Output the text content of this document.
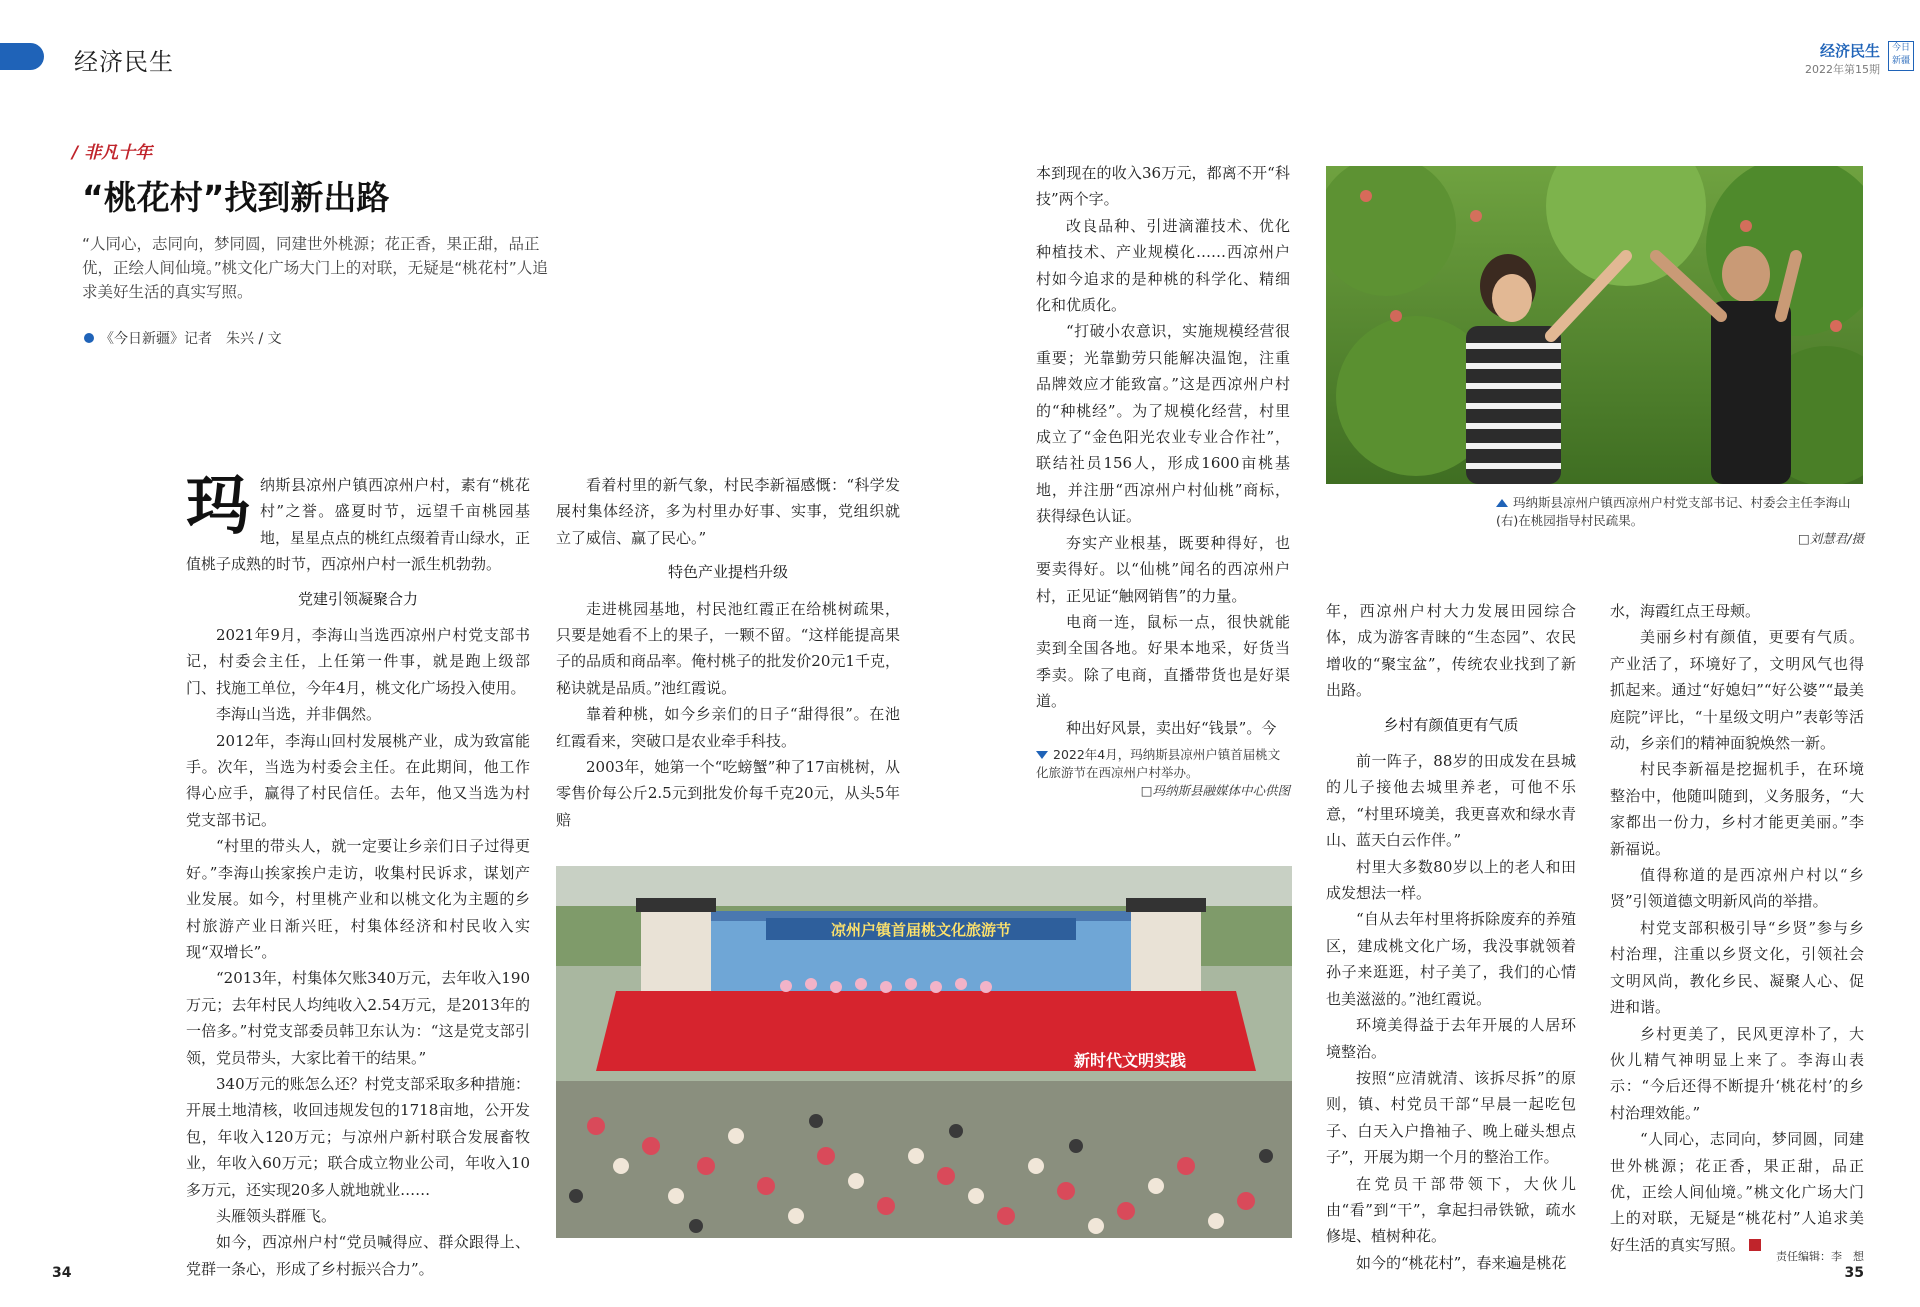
经济民生	经济民生
2022年第15期
今日
新疆
/ 非凡十年
“桃花村”找到新出路
“人同心，志同向，梦同圆，同建世外桃源；花正香，果正甜，品正优，正绘人间仙境。”桃文化广场大门上的对联，无疑是“桃花村”人追求美好生活的真实写照。
《今日新疆》记者　朱兴 / 文

玛纳斯县凉州户镇西凉州户村，素有“桃花村”之誉。盛夏时节，远望千亩桃园基地，星星点点的桃红点缀着青山绿水，正值桃子成熟的时节，西凉州户村一派生机勃勃。

党建引领凝聚合力

2021年9月，李海山当选西凉州户村党支部书记，村委会主任，上任第一件事，就是跑上级部门、找施工单位，今年4月，桃文化广场投入使用。

李海山当选，并非偶然。

2012年，李海山回村发展桃产业，成为致富能手。次年，当选为村委会主任。在此期间，他工作得心应手，赢得了村民信任。去年，他又当选为村党支部书记。

“村里的带头人，就一定要让乡亲们日子过得更好。”李海山挨家挨户走访，收集村民诉求，谋划产业发展。如今，村里桃产业和以桃文化为主题的乡村旅游产业日渐兴旺，村集体经济和村民收入实现“双增长”。

“2013年，村集体欠账340万元，去年收入190万元；去年村民人均纯收入2.54万元，是2013年的一倍多。”村党支部委员韩卫东认为：“这是党支部引领，党员带头，大家比着干的结果。”

340万元的账怎么还？村党支部采取多种措施：开展土地清核，收回违规发包的1718亩地，公开发包，年收入120万元；与凉州户新村联合发展畜牧业，年收入60万元；联合成立物业公司，年收入10多万元，还实现20多人就地就业……

头雁领头群雁飞。

如今，西凉州户村“党员喊得应、群众跟得上、党群一条心，形成了乡村振兴合力”。

看着村里的新气象，村民李新福感慨：“科学发展村集体经济，多为村里办好事、实事，党组织就立了威信、赢了民心。”

特色产业提档升级

走进桃园基地，村民池红霞正在给桃树疏果，只要是她看不上的果子，一颗不留。“这样能提高果子的品质和商品率。俺村桃子的批发价20元1千克，秘诀就是品质。”池红霞说。

靠着种桃，如今乡亲们的日子“甜得很”。在池红霞看来，突破口是农业牵手科技。

2003年，她第一个“吃螃蟹”种了17亩桃树，从零售价每公斤2.5元到批发价每千克20元，从头5年赔

本到现在的收入36万元，都离不开“科技”两个字。

改良品种、引进滴灌技术、优化种植技术、产业规模化……西凉州户村如今追求的是种桃的科学化、精细化和优质化。

“打破小农意识，实施规模经营很重要；光靠勤劳只能解决温饱，注重品牌效应才能致富。”这是西凉州户村的“种桃经”。为了规模化经营，村里成立了“金色阳光农业专业合作社”，联结社员156人，形成1600亩桃基地，并注册“西凉州户村仙桃”商标，获得绿色认证。

夯实产业根基，既要种得好，也要卖得好。以“仙桃”闻名的西凉州户村，正见证“触网销售”的力量。

电商一连，鼠标一点，很快就能卖到全国各地。好果本地采，好货当季卖。除了电商，直播带货也是好渠道。

种出好风景，卖出好“钱景”。今

2022年4月，玛纳斯县凉州户镇首届桃文化旅游节在西凉州户村举办。
□玛纳斯县融媒体中心供图
玛纳斯县凉州户镇西凉州户村党支部书记、村委会主任李海山(右)在桃园指导村民疏果。
□刘慧君/摄

年，西凉州户村大力发展田园综合体，成为游客青睐的“生态园”、农民增收的“聚宝盆”，传统农业找到了新出路。

乡村有颜值更有气质

前一阵子，88岁的田成发在县城的儿子接他去城里养老，可他不乐意，“村里环境美，我更喜欢和绿水青山、蓝天白云作伴。”

村里大多数80岁以上的老人和田成发想法一样。

“自从去年村里将拆除废弃的养殖区，建成桃文化广场，我没事就领着孙子来逛逛，村子美了，我们的心情也美滋滋的。”池红霞说。

环境美得益于去年开展的人居环境整治。

按照“应清就清、该拆尽拆”的原则，镇、村党员干部“早晨一起吃包子、白天入户撸袖子、晚上碰头想点子”，开展为期一个月的整治工作。

在党员干部带领下，大伙儿由“看”到“干”，拿起扫帚铁锨，疏水修堤、植树种花。

如今的“桃花村”，春来遍是桃花

水，海霞红点王母颊。

美丽乡村有颜值，更要有气质。产业活了，环境好了，文明风气也得抓起来。通过“好媳妇”“好公婆”“最美庭院”评比，“十星级文明户”表彰等活动，乡亲们的精神面貌焕然一新。

村民李新福是挖掘机手，在环境整治中，他随叫随到，义务服务，“大家都出一份力，乡村才能更美丽。”李新福说。

值得称道的是西凉州户村以“乡贤”引领道德文明新风尚的举措。

村党支部积极引导“乡贤”参与乡村治理，注重以乡贤文化，引领社会文明风尚，教化乡民、凝聚人心、促进和谐。

乡村更美了，民风更淳朴了，大伙儿精气神明显上来了。李海山表示：“今后还得不断提升‘桃花村’的乡村治理效能。”

“人同心，志同向，梦同圆，同建世外桃源；花正香，果正甜，品正优，正绘人间仙境。”桃文化广场大门上的对联，无疑是“桃花村”人追求美好生活的真实写照。

凉州户镇首届桃文化旅游节
新时代文明实践
34	35
责任编辑：李　想
